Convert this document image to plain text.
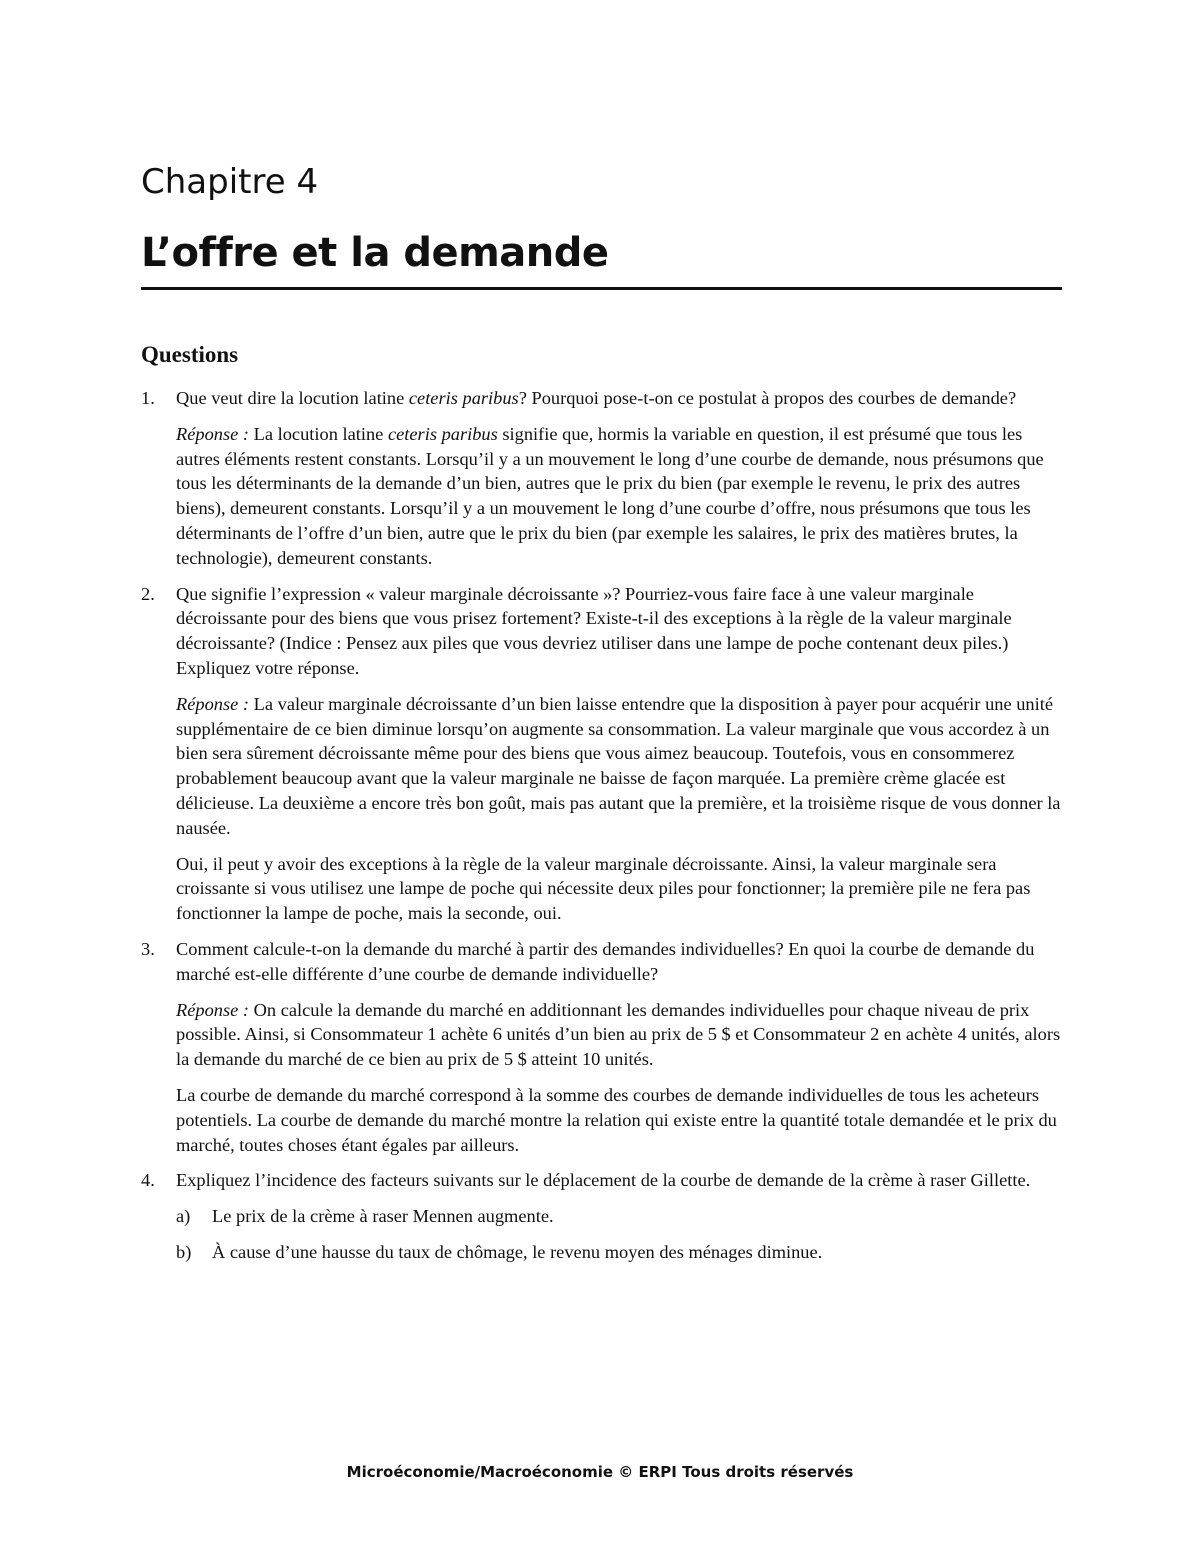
Chapitre 4
L’offre et la demande
Questions
1. Que veut dire la locution latine ceteris paribus? Pourquoi pose-t-on ce postulat à propos des courbes de demande?

Réponse : La locution latine ceteris paribus signifie que, hormis la variable en question, il est présumé que tous les autres éléments restent constants. Lorsqu’il y a un mouvement le long d’une courbe de demande, nous présumons que tous les déterminants de la demande d’un bien, autres que le prix du bien (par exemple le revenu, le prix des autres biens), demeurent constants. Lorsqu’il y a un mouvement le long d’une courbe d’offre, nous présumons que tous les déterminants de l’offre d’un bien, autre que le prix du bien (par exemple les salaires, le prix des matières brutes, la technologie), demeurent constants.

2. Que signifie l’expression « valeur marginale décroissante »? Pourriez-vous faire face à une valeur marginale décroissante pour des biens que vous prisez fortement? Existe-t-il des exceptions à la règle de la valeur marginale décroissante? (Indice : Pensez aux piles que vous devriez utiliser dans une lampe de poche contenant deux piles.) Expliquez votre réponse.

Réponse : La valeur marginale décroissante d’un bien laisse entendre que la disposition à payer pour acquérir une unité supplémentaire de ce bien diminue lorsqu’on augmente sa consommation. La valeur marginale que vous accordez à un bien sera sûrement décroissante même pour des biens que vous aimez beaucoup. Toutefois, vous en consommerez probablement beaucoup avant que la valeur marginale ne baisse de façon marquée. La première crème glacée est délicieuse. La deuxième a encore très bon goût, mais pas autant que la première, et la troisième risque de vous donner la nausée.

Oui, il peut y avoir des exceptions à la règle de la valeur marginale décroissante. Ainsi, la valeur marginale sera croissante si vous utilisez une lampe de poche qui nécessite deux piles pour fonctionner; la première pile ne fera pas fonctionner la lampe de poche, mais la seconde, oui.

3. Comment calcule-t-on la demande du marché à partir des demandes individuelles? En quoi la courbe de demande du marché est-elle différente d’une courbe de demande individuelle?

Réponse : On calcule la demande du marché en additionnant les demandes individuelles pour chaque niveau de prix possible. Ainsi, si Consommateur 1 achète 6 unités d’un bien au prix de 5 $ et Consommateur 2 en achète 4 unités, alors la demande du marché de ce bien au prix de 5 $ atteint 10 unités.

La courbe de demande du marché correspond à la somme des courbes de demande individuelles de tous les acheteurs potentiels. La courbe de demande du marché montre la relation qui existe entre la quantité totale demandée et le prix du marché, toutes choses étant égales par ailleurs.

4. Expliquez l’incidence des facteurs suivants sur le déplacement de la courbe de demande de la crème à raser Gillette.

a) Le prix de la crème à raser Mennen augmente.
b) À cause d’une hausse du taux de chômage, le revenu moyen des ménages diminue.
Microéconomie/Macroéconomie © ERPI Tous droits réservés
